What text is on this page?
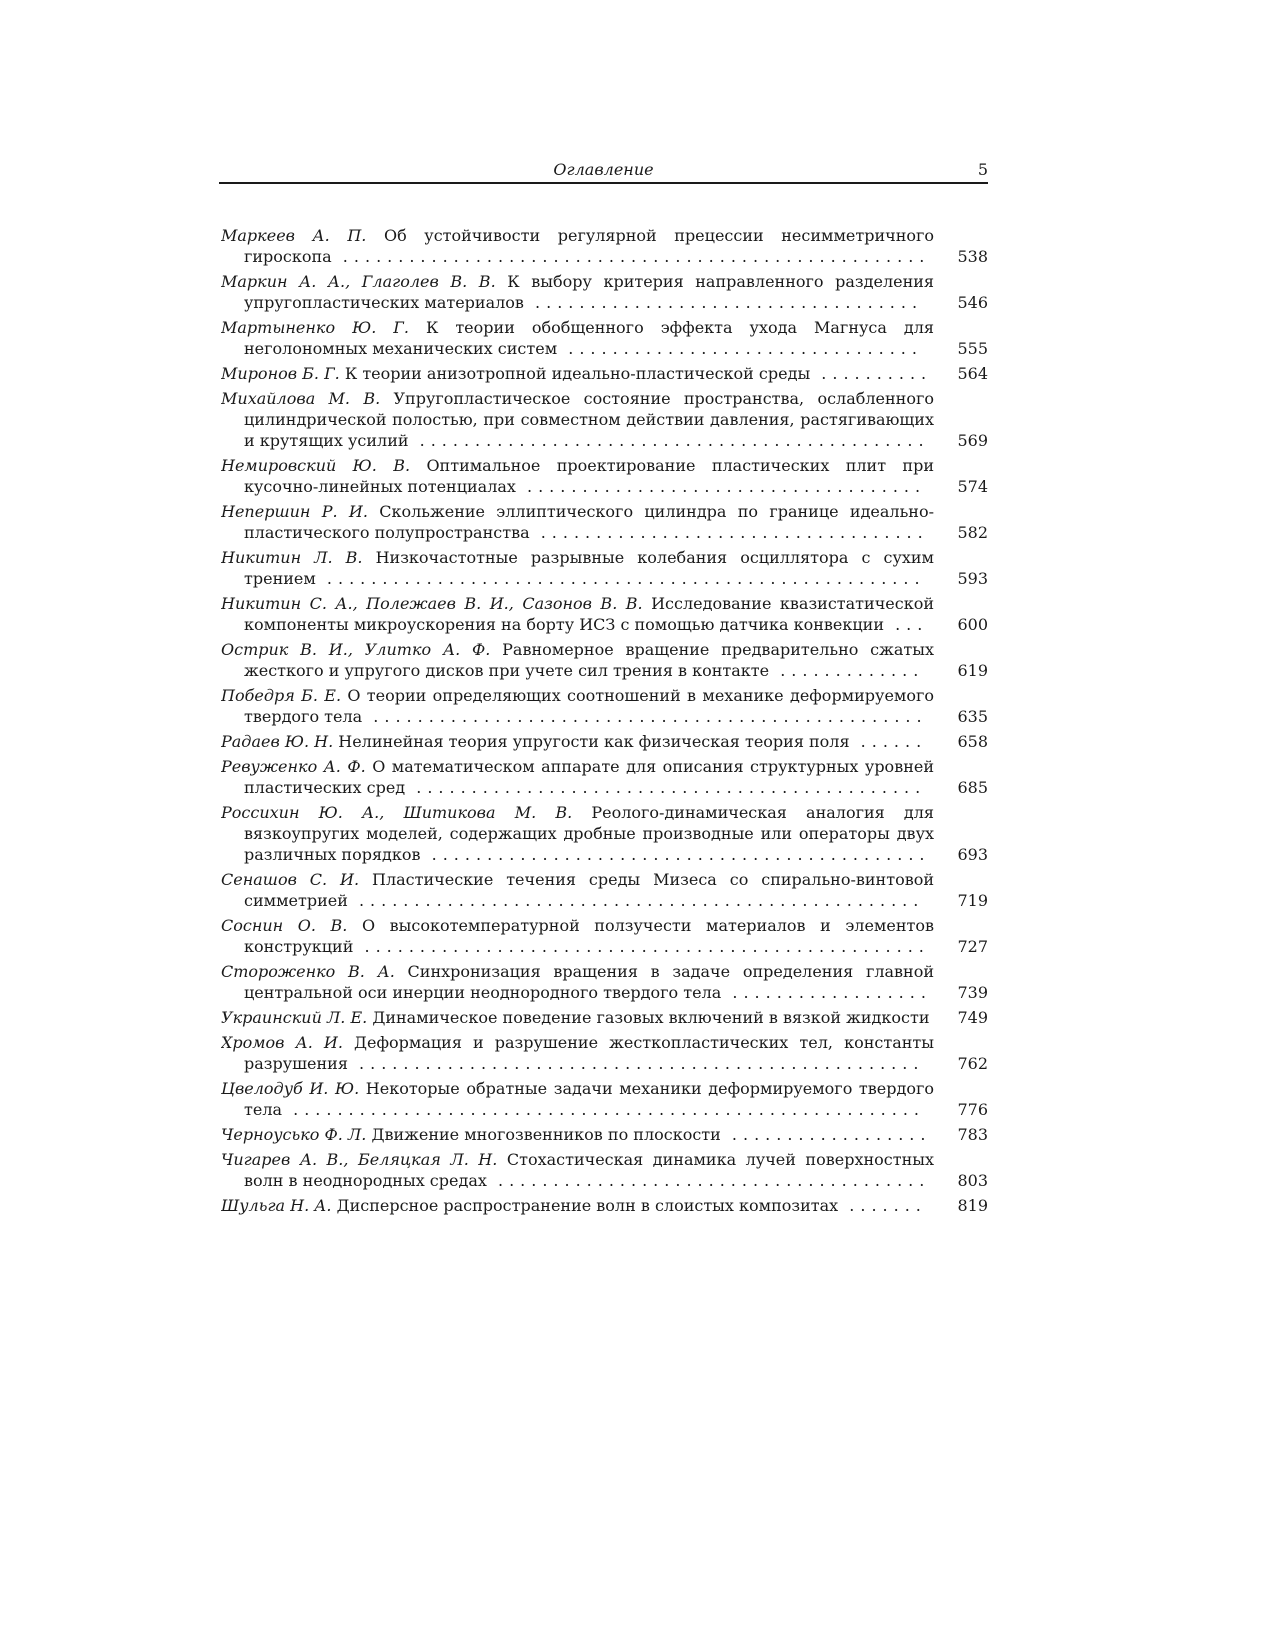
Оглавление	5
Маркеев А. П. Об устойчивости регулярной прецессии несимметричного гироскопа ..................................................... 538
Маркин А. А., Глаголев В. В. К выбору критерия направленного разделения упругопластических материалов ...................................	546
Мартыненко Ю. Г. К теории обобщенного эффекта ухода Магнуса для неголономных механических систем ................................	555
Миронов Б. Г. К теории анизотропной идеально-пластической среды .......... 564
Михайлова М. В. Упругопластическое состояние пространства, ослабленного цилиндрической полостью, при совместном действии давления, растягивающих и крутящих усилий .............................................. 569
Немировский Ю. В. Оптимальное проектирование пластических плит при кусочно-линейных потенциалах ....................................	574
Непершин Р. И. Скольжение эллиптического цилиндра по границе идеально-пластического полупространства ...................................	582
Никитин Л. В. Низкочастотные разрывные колебания осциллятора с сухим трением ......................................................	593
Никитин С. А., Полежаев В. И., Сазонов В. В. Исследование квазистатической компоненты микроускорения на борту ИСЗ с помощью датчика конвекции ...	600
Острик В. И., Улитко А. Ф. Равномерное вращение предварительно сжатых жесткого и упругого дисков при учете сил трения в контакте .............	619
Победря Б. Е. О теории определяющих соотношений в механике деформируемого твердого тела ..................................................	635
Радаев Ю. Н. Нелинейная теория упругости как физическая теория поля ......	658
Ревуженко А. Ф. О математическом аппарате для описания структурных уровней пластических сред ..............................................	685
Россихин Ю. А., Шитикова М. В. Реолого-динамическая аналогия для вязкоупругих моделей, содержащих дробные производные или операторы двух различных порядков ............................................. 693
Сенашов С. И. Пластические течения среды Мизеса со спирально-винтовой симметрией ...................................................	719
Соснин О. В. О высокотемпературной ползучести материалов и элементов конструкций ................................................... 727
Стороженко В. А. Синхронизация вращения в задаче определения главной центральной оси инерции неоднородного твердого тела .................. 739
Украинский Л. Е. Динамическое поведение газовых включений в вязкой жидкости 749
Хромов А. И. Деформация и разрушение жесткопластических тел, константы разрушения ...................................................	762
Цвелодуб И. Ю. Некоторые обратные задачи механики деформируемого твердого тела .........................................................	776
Черноусько Ф. Л. Движение многозвенников по плоскости .................. 783
Чигарев А. В., Беляцкая Л. Н. Стохастическая динамика лучей поверхностных волн в неоднородных средах ....................................... 803
Шульга Н. А. Дисперсное распространение волн в слоистых композитах .......	819
